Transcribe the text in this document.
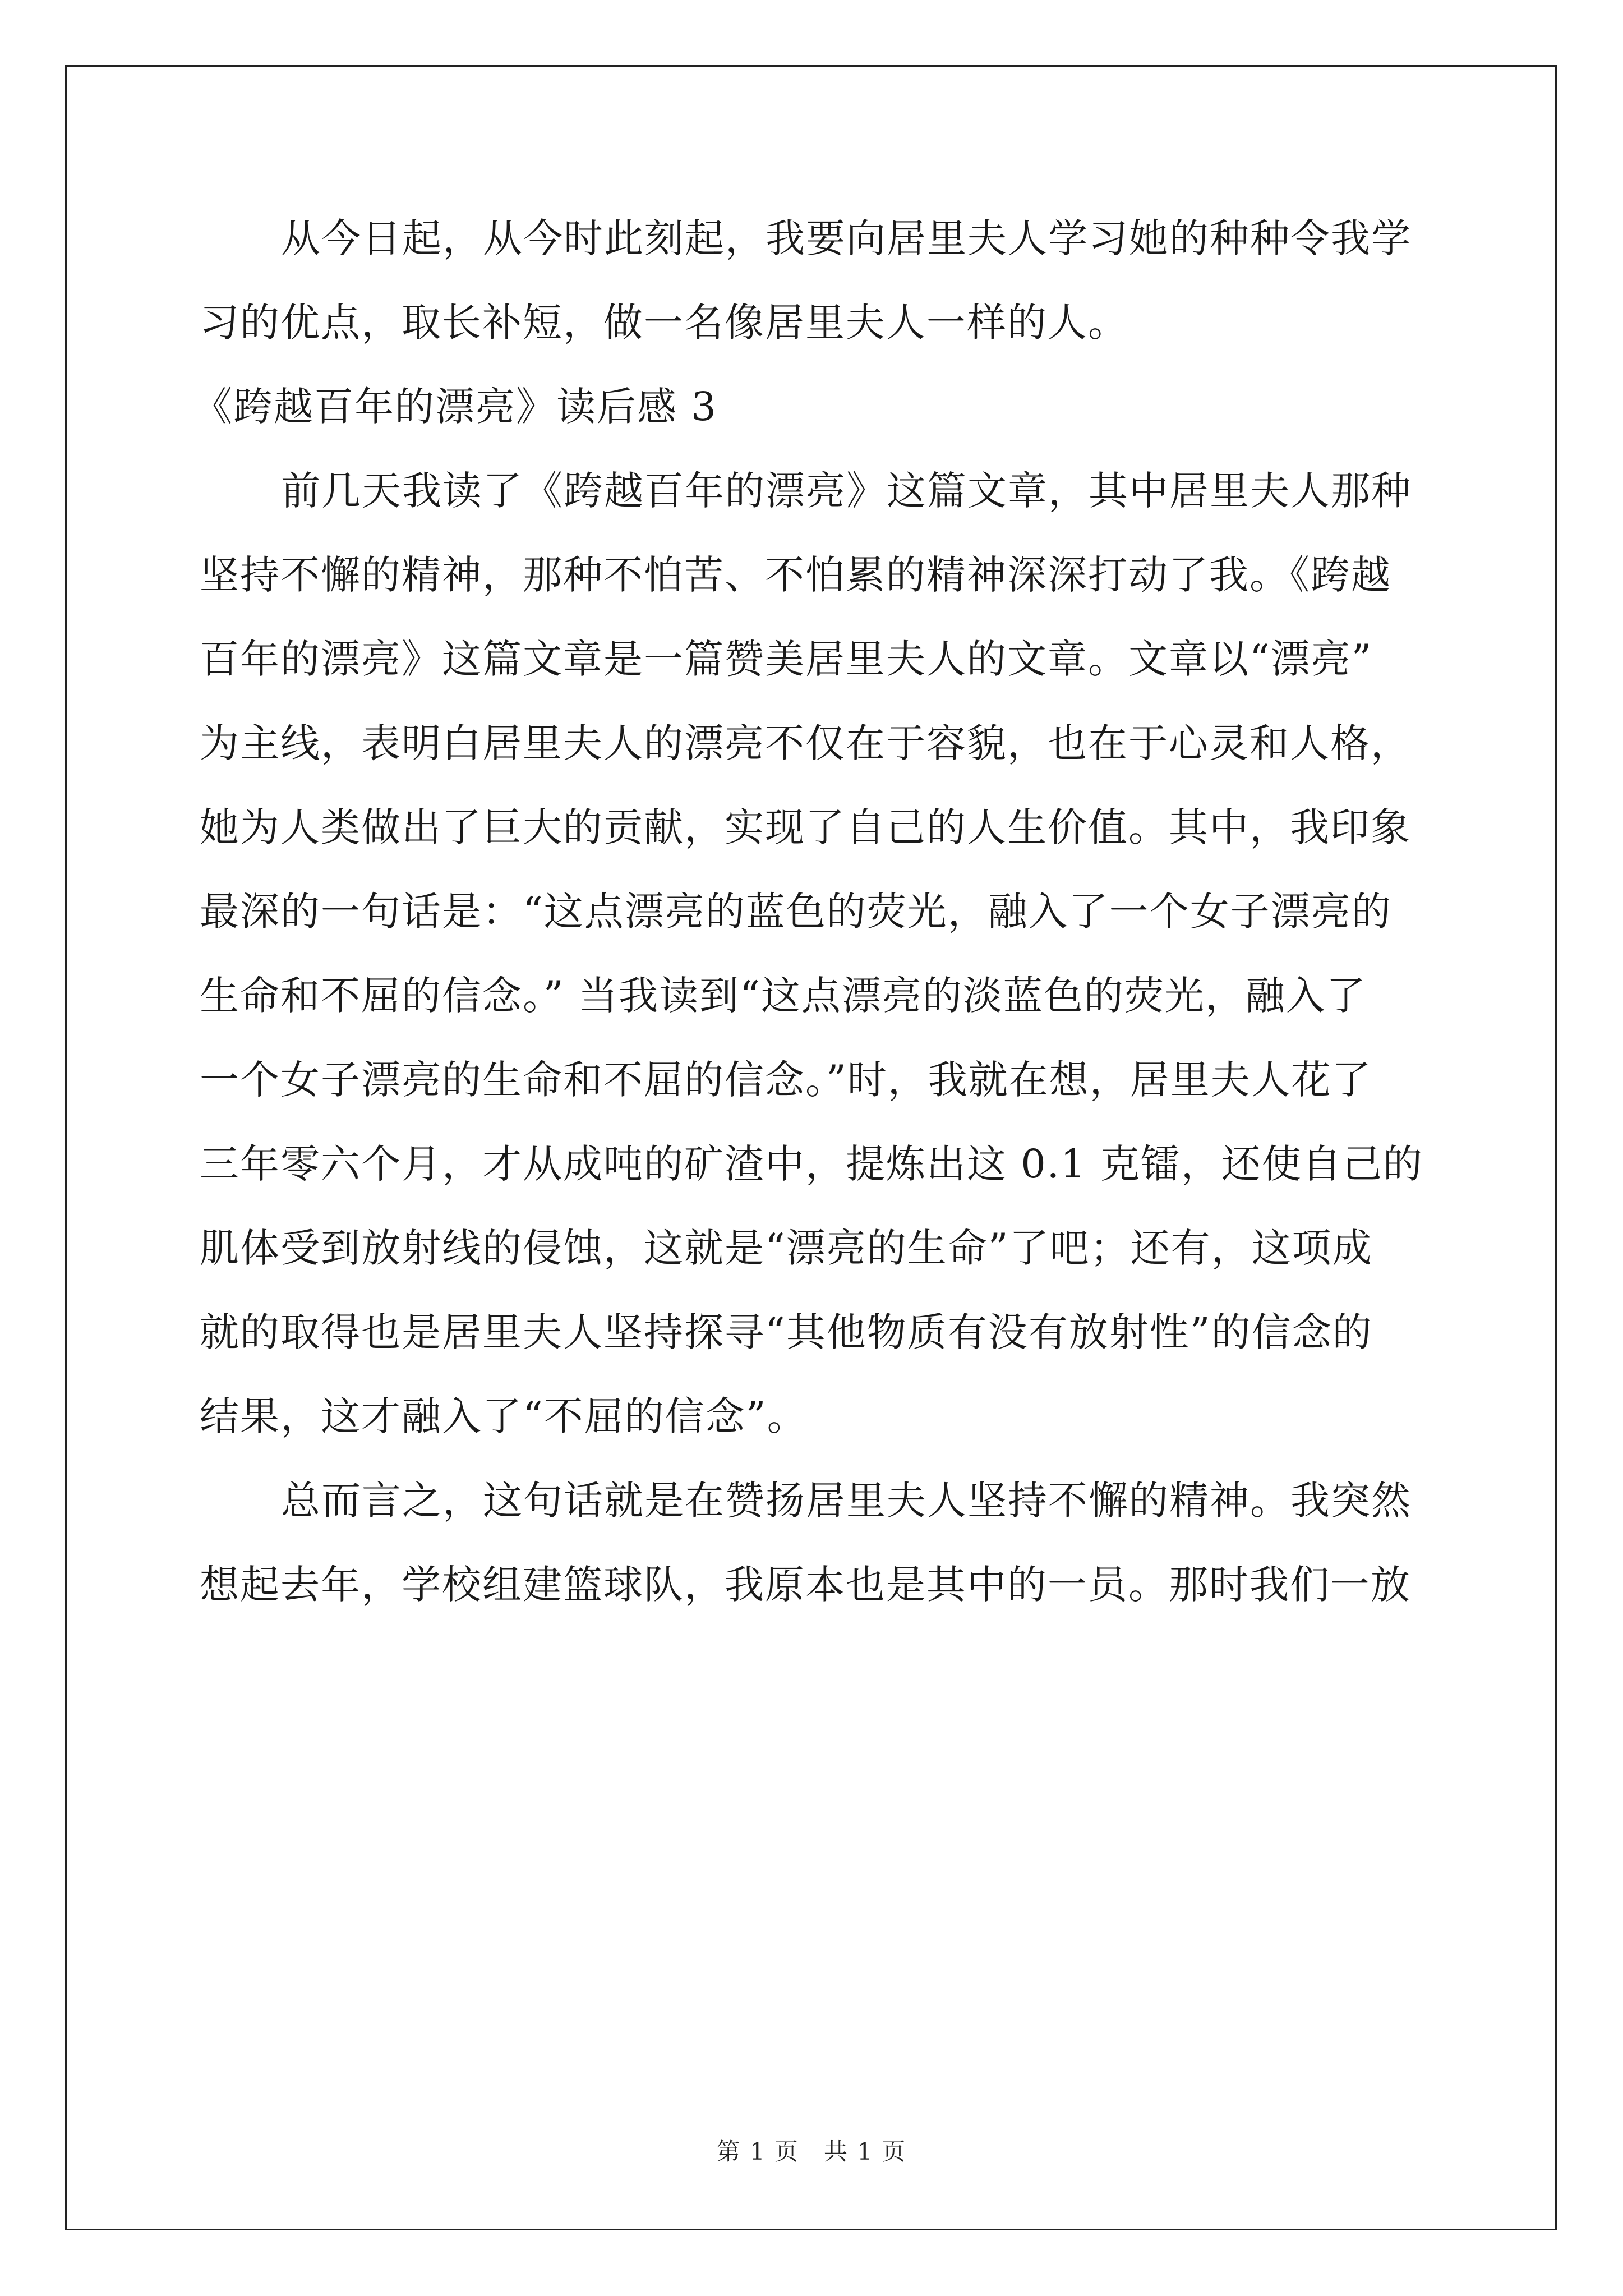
从今日起，从今时此刻起，我要向居里夫人学习她的种种令我学
习的优点，取长补短，做一名像居里夫人一样的人。
《跨越百年的漂亮》读后感 3
前几天我读了《跨越百年的漂亮》这篇文章，其中居里夫人那种
坚持不懈的精神，那种不怕苦、不怕累的精神深深打动了我。《跨越
百年的漂亮》这篇文章是一篇赞美居里夫人的文章。文章以“漂亮”
为主线，表明白居里夫人的漂亮不仅在于容貌，也在于心灵和人格，
她为人类做出了巨大的贡献，实现了自己的人生价值。其中，我印象
最深的一句话是：“这点漂亮的蓝色的荧光，融入了一个女子漂亮的
生命和不屈的信念。” 当我读到“这点漂亮的淡蓝色的荧光，融入了
一个女子漂亮的生命和不屈的信念。”时，我就在想，居里夫人花了
三年零六个月，才从成吨的矿渣中，提炼出这 0.1 克镭，还使自己的
肌体受到放射线的侵蚀，这就是“漂亮的生命”了吧；还有，这项成
就的取得也是居里夫人坚持探寻“其他物质有没有放射性”的信念的
结果，这才融入了“不屈的信念”。
总而言之，这句话就是在赞扬居里夫人坚持不懈的精神。我突然
想起去年，学校组建篮球队，我原本也是其中的一员。那时我们一放
第 1 页　共 1 页
